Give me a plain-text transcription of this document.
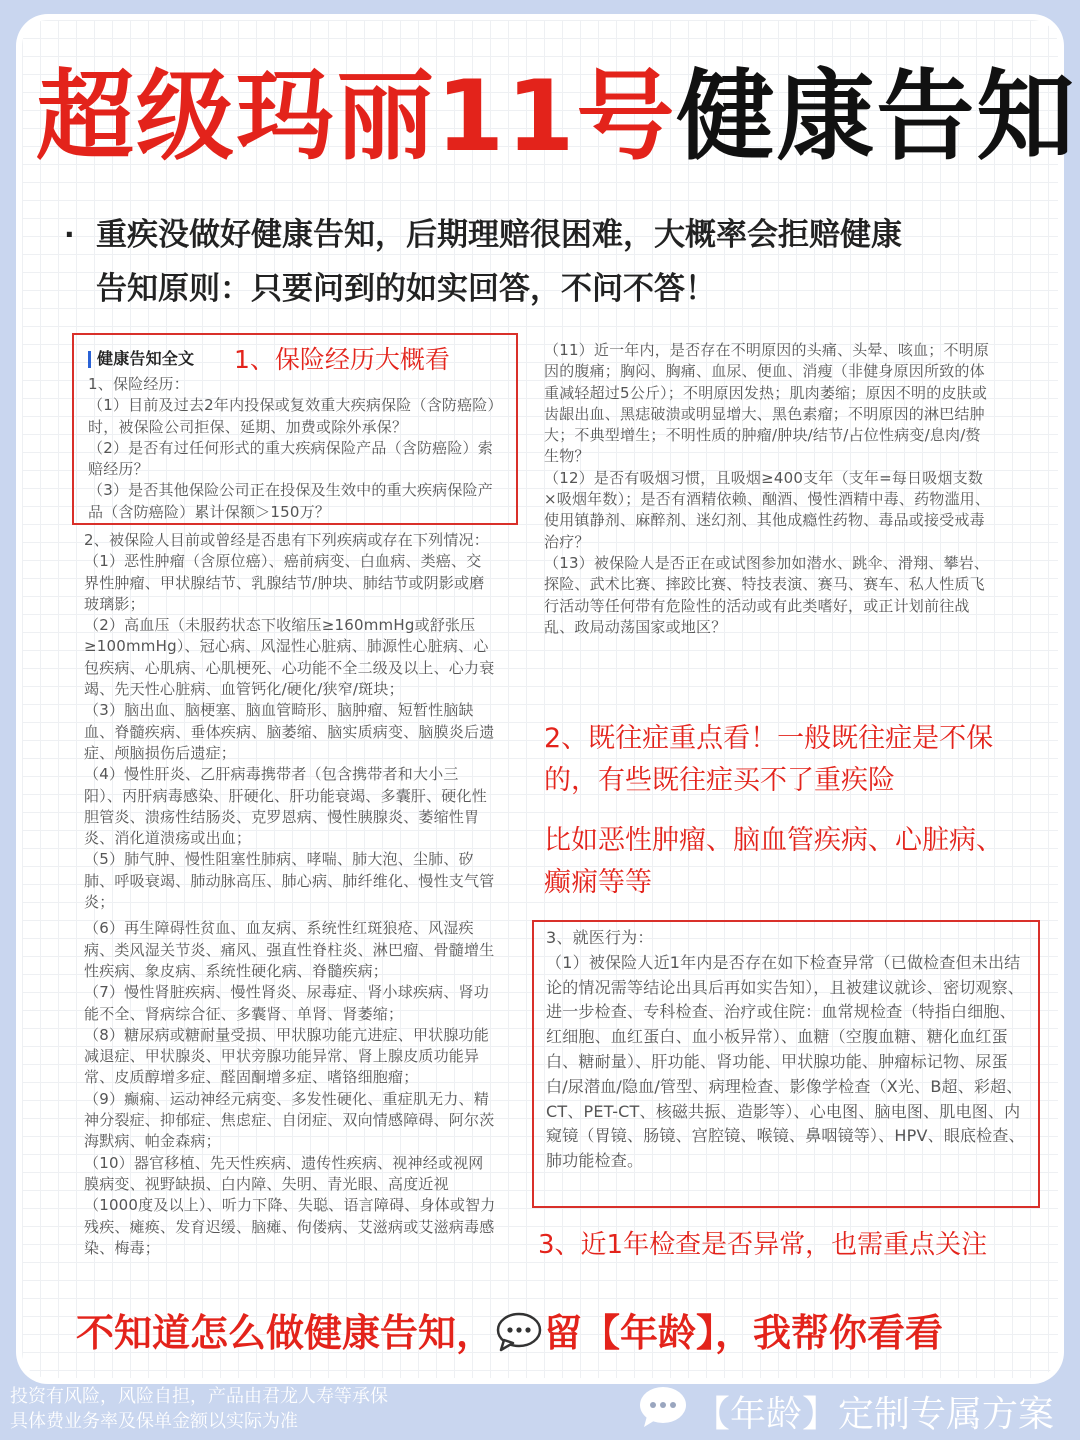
超级玛丽11号健康告知
· 重疾没做好健康告知，后期理赔很困难，大概率会拒赔健康
告知原则：只要问到的如实回答，不问不答！
健康告知全文

1、保险经历：

（1）目前及过去2年内投保或复效重大疾病保险（含防癌险）时，被保险公司拒保、延期、加费或除外承保？

（2）是否有过任何形式的重大疾病保险产品（含防癌险）索赔经历？

（3）是否其他保险公司正在投保及生效中的重大疾病保险产品（含防癌险）累计保额＞150万？

1、保险经历大概看

2、被保险人目前或曾经是否患有下列疾病或存在下列情况：

（1）恶性肿瘤（含原位癌）、癌前病变、白血病、类癌、交界性肿瘤、甲状腺结节、乳腺结节/肿块、肺结节或阴影或磨玻璃影；

（2）高血压（未服药状态下收缩压≥160mmHg或舒张压≥100mmHg）、冠心病、风湿性心脏病、肺源性心脏病、心包疾病、心肌病、心肌梗死、心功能不全二级及以上、心力衰竭、先天性心脏病、血管钙化/硬化/狭窄/斑块；

（3）脑出血、脑梗塞、脑血管畸形、脑肿瘤、短暂性脑缺血、脊髓疾病、垂体疾病、脑萎缩、脑实质病变、脑膜炎后遗症、颅脑损伤后遗症；

（4）慢性肝炎、乙肝病毒携带者（包含携带者和大小三阳）、丙肝病毒感染、肝硬化、肝功能衰竭、多囊肝、硬化性胆管炎、溃疡性结肠炎、克罗恩病、慢性胰腺炎、萎缩性胃炎、消化道溃疡或出血；

（5）肺气肿、慢性阻塞性肺病、哮喘、肺大泡、尘肺、矽肺、呼吸衰竭、肺动脉高压、肺心病、肺纤维化、慢性支气管炎；

（6）再生障碍性贫血、血友病、系统性红斑狼疮、风湿疾病、类风湿关节炎、痛风、强直性脊柱炎、淋巴瘤、骨髓增生性疾病、象皮病、系统性硬化病、脊髓疾病；

（7）慢性肾脏疾病、慢性肾炎、尿毒症、肾小球疾病、肾功能不全、肾病综合征、多囊肾、单肾、肾萎缩；

（8）糖尿病或糖耐量受损、甲状腺功能亢进症、甲状腺功能减退症、甲状腺炎、甲状旁腺功能异常、肾上腺皮质功能异常、皮质醇增多症、醛固酮增多症、嗜铬细胞瘤；

（9）癫痫、运动神经元病变、多发性硬化、重症肌无力、精神分裂症、抑郁症、焦虑症、自闭症、双向情感障碍、阿尔茨海默病、帕金森病；

（10）器官移植、先天性疾病、遗传性疾病、视神经或视网膜病变、视野缺损、白内障、失明、青光眼、高度近视（1000度及以上）、听力下降、失聪、语言障碍、身体或智力残疾、瘫痪、发育迟缓、脑瘫、佝偻病、艾滋病或艾滋病毒感染、梅毒；

（11）近一年内，是否存在不明原因的头痛、头晕、咳血；不明原因的腹痛；胸闷、胸痛、血尿、便血、消瘦（非健身原因所致的体重减轻超过5公斤）；不明原因发热；肌肉萎缩；原因不明的皮肤或齿龈出血、黑痣破溃或明显增大、黑色素瘤；不明原因的淋巴结肿大；不典型增生；不明性质的肿瘤/肿块/结节/占位性病变/息肉/赘生物？

（12）是否有吸烟习惯，且吸烟≥400支年（支年=每日吸烟支数×吸烟年数）；是否有酒精依赖、酗酒、慢性酒精中毒、药物滥用、使用镇静剂、麻醉剂、迷幻剂、其他成瘾性药物、毒品或接受戒毒治疗？

（13）被保险人是否正在或试图参加如潜水、跳伞、滑翔、攀岩、探险、武术比赛、摔跤比赛、特技表演、赛马、赛车、私人性质飞行活动等任何带有危险性的活动或有此类嗜好，或正计划前往战乱、政局动荡国家或地区？

2、既往症重点看！一般既往症是不保的，有些既往症买不了重疾险
比如恶性肿瘤、脑血管疾病、心脏病、癫痫等等

3、就医行为：

（1）被保险人近1年内是否存在如下检查异常（已做检查但未出结论的情况需等结论出具后再如实告知），且被建议就诊、密切观察、进一步检查、专科检查、治疗或住院：血常规检查（特指白细胞、红细胞、血红蛋白、血小板异常）、血糖（空腹血糖、糖化血红蛋白、糖耐量）、肝功能、肾功能、甲状腺功能、肿瘤标记物、尿蛋白/尿潜血/隐血/管型、病理检查、影像学检查（X光、B超、彩超、CT、PET-CT、核磁共振、造影等）、心电图、脑电图、肌电图、内窥镜（胃镜、肠镜、宫腔镜、喉镜、鼻咽镜等）、HPV、眼底检查、肺功能检查。

3、近1年检查是否异常，也需重点关注
不知道怎么做健康告知， 留【年龄】，我帮你看看
投资有风险，风险自担，产品由君龙人寿等承保
具体费业务率及保单金额以实际为准	【年龄】定制专属方案
